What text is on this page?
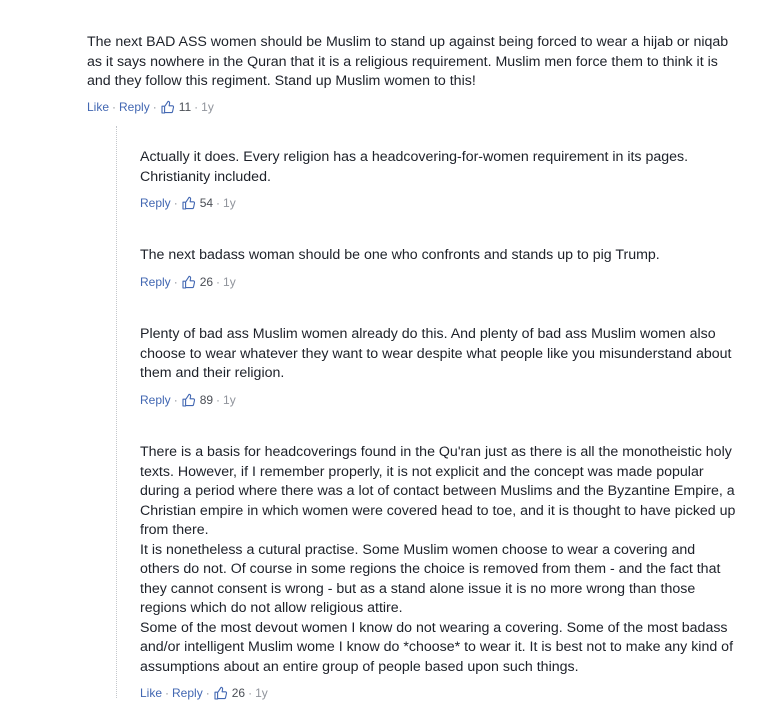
The next BAD ASS women should be Muslim to stand up against being forced to wear a hijab or niqab as it says nowhere in the Quran that it is a religious requirement. Muslim men force them to think it is and they follow this regiment. Stand up Muslim women to this!

Like · Reply · 11 · 1y

Actually it does. Every religion has a headcovering-for-women requirement in its pages. Christianity included.

Reply · 54 · 1y

The next badass woman should be one who confronts and stands up to pig Trump.

Reply · 26 · 1y

Plenty of bad ass Muslim women already do this. And plenty of bad ass Muslim women also choose to wear whatever they want to wear despite what people like you misunderstand about them and their religion.

Reply · 89 · 1y

There is a basis for headcoverings found in the Qu'ran just as there is all the monotheistic holy texts. However, if I remember properly, it is not explicit and the concept was made popular during a period where there was a lot of contact between Muslims and the Byzantine Empire, a Christian empire in which women were covered head to toe, and it is thought to have picked up from there.
It is nonetheless a cutural practise. Some Muslim women choose to wear a covering and others do not. Of course in some regions the choice is removed from them - and the fact that they cannot consent is wrong - but as a stand alone issue it is no more wrong than those regions which do not allow religious attire.
Some of the most devout women I know do not wearing a covering. Some of the most badass and/or intelligent Muslim wome I know do *choose* to wear it. It is best not to make any kind of assumptions about an entire group of people based upon such things.

Like · Reply · 26 · 1y
